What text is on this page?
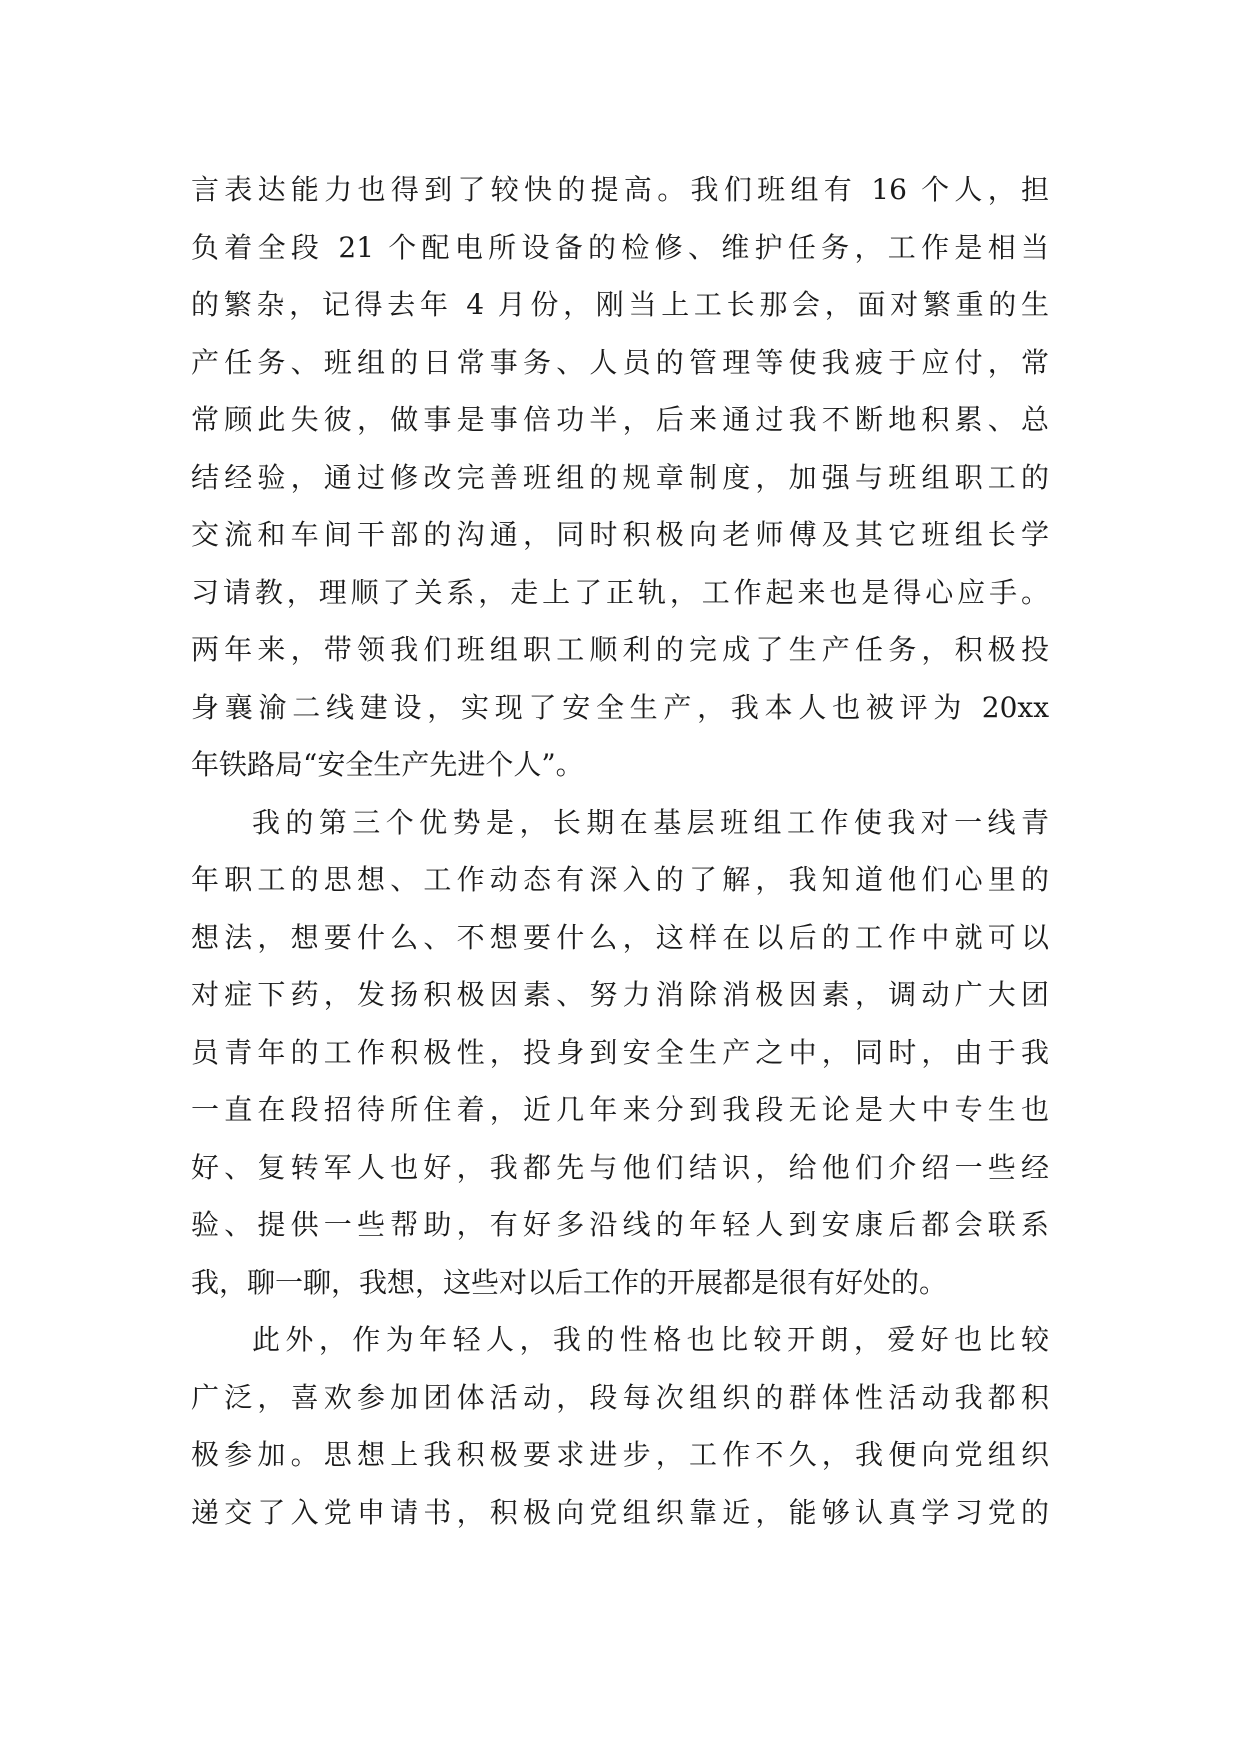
言表达能力也得到了较快的提高。我们班组有 16 个人，担
负着全段 21 个配电所设备的检修、维护任务，工作是相当
的繁杂，记得去年 4 月份，刚当上工长那会，面对繁重的生
产任务、班组的日常事务、人员的管理等使我疲于应付，常
常顾此失彼，做事是事倍功半，后来通过我不断地积累、总
结经验，通过修改完善班组的规章制度，加强与班组职工的
交流和车间干部的沟通，同时积极向老师傅及其它班组长学
习请教，理顺了关系，走上了正轨，工作起来也是得心应手。
两年来，带领我们班组职工顺利的完成了生产任务，积极投
身襄渝二线建设，实现了安全生产，我本人也被评为 20xx
年铁路局“安全生产先进个人”。
我的第三个优势是，长期在基层班组工作使我对一线青
年职工的思想、工作动态有深入的了解，我知道他们心里的
想法，想要什么、不想要什么，这样在以后的工作中就可以
对症下药，发扬积极因素、努力消除消极因素，调动广大团
员青年的工作积极性，投身到安全生产之中，同时，由于我
一直在段招待所住着，近几年来分到我段无论是大中专生也
好、复转军人也好，我都先与他们结识，给他们介绍一些经
验、提供一些帮助，有好多沿线的年轻人到安康后都会联系
我，聊一聊，我想，这些对以后工作的开展都是很有好处的。
此外，作为年轻人，我的性格也比较开朗，爱好也比较
广泛，喜欢参加团体活动，段每次组织的群体性活动我都积
极参加。思想上我积极要求进步，工作不久，我便向党组织
递交了入党申请书，积极向党组织靠近，能够认真学习党的
